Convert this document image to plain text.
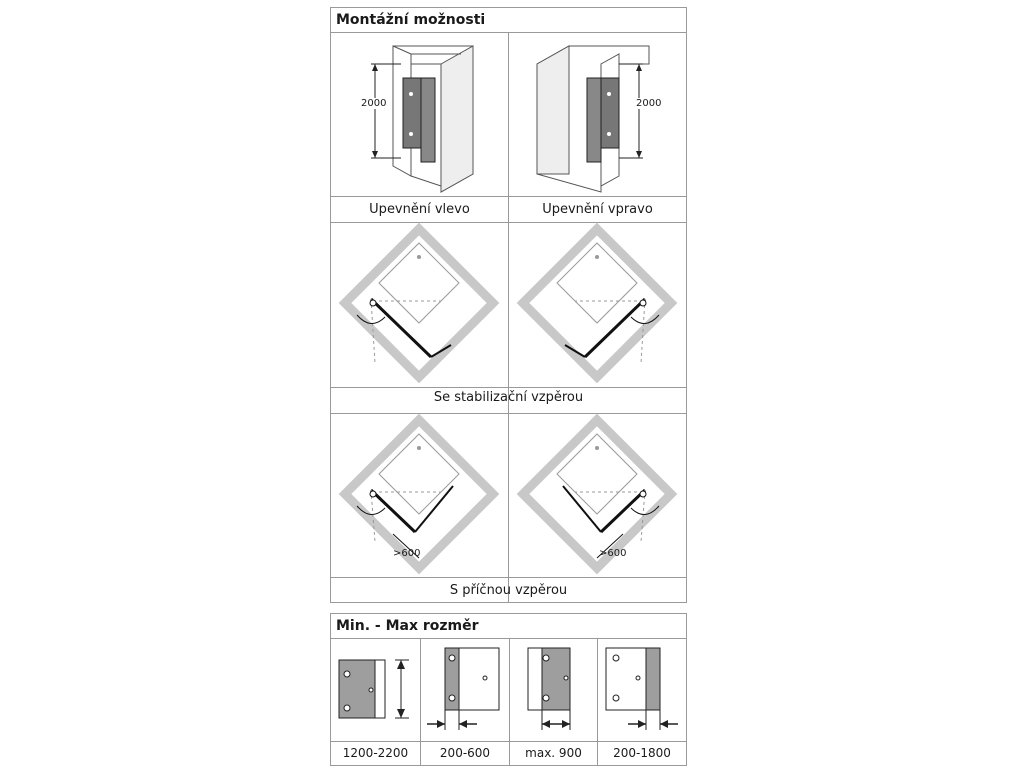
Montážní možnosti
2000	2000
Upevnění vlevo	Upevnění vpravo
Se stabilizační vzpěrou
>600	>600
S příčnou vzpěrou
Min. - Max rozměr
1200-2200	200-600	max. 900	200-1800
